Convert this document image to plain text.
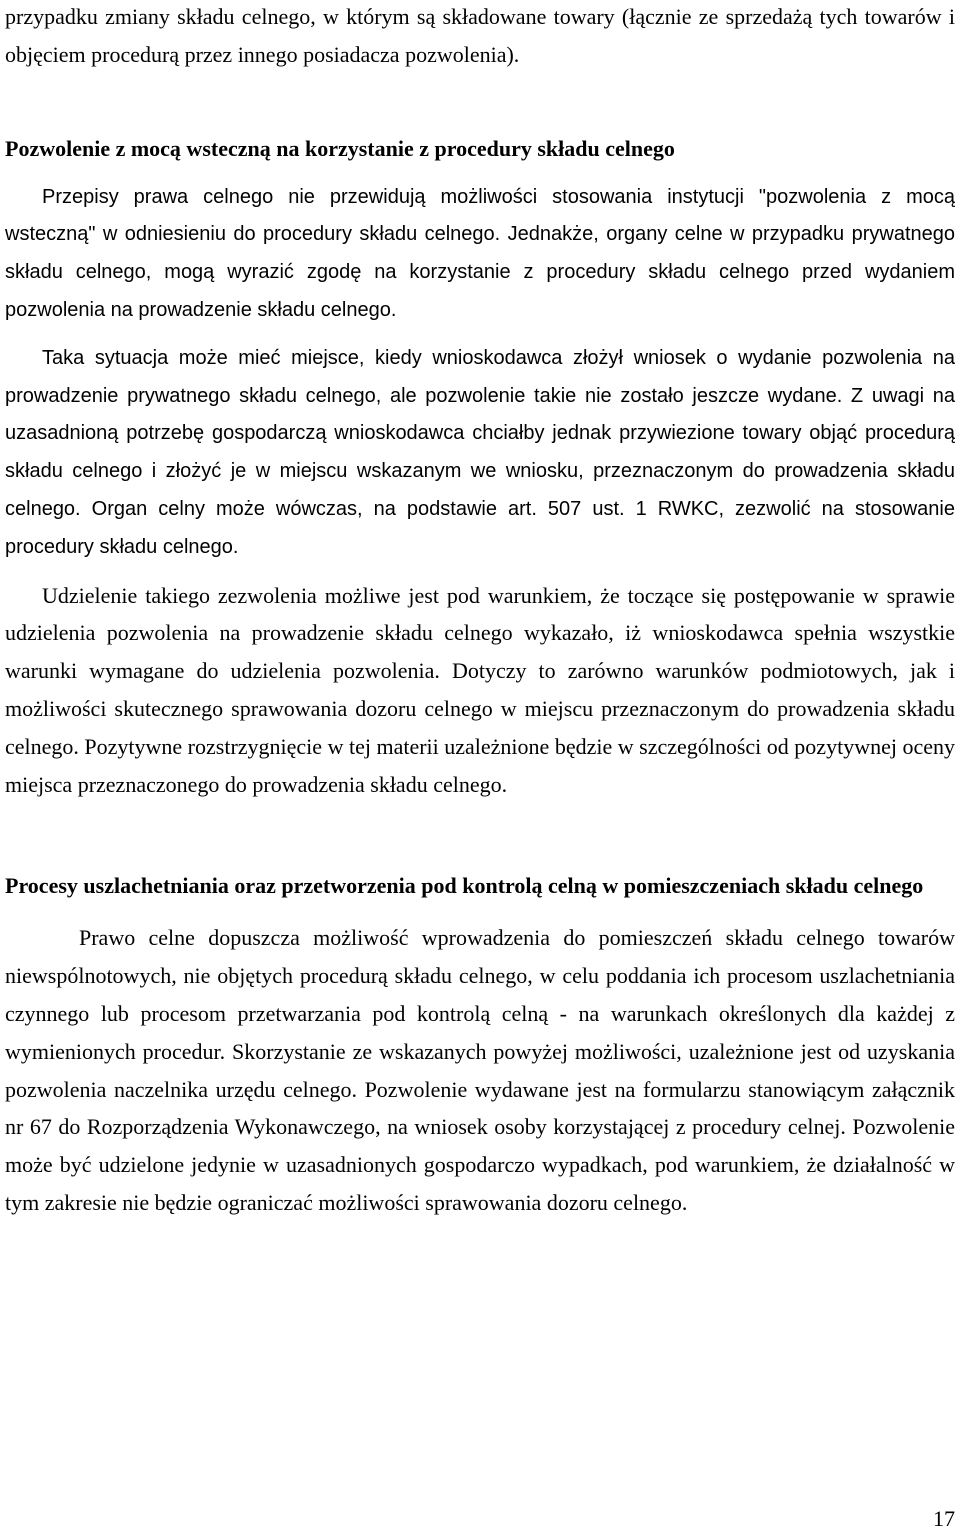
przypadku zmiany składu celnego, w którym są składowane towary (łącznie ze sprzedażą tych towarów i objęciem procedurą przez innego posiadacza pozwolenia).

Pozwolenie z mocą wsteczną na korzystanie z procedury składu celnego

Przepisy prawa celnego nie przewidują możliwości stosowania instytucji "pozwolenia z mocą wsteczną" w odniesieniu do procedury składu celnego. Jednakże, organy celne w przypadku prywatnego składu celnego, mogą wyrazić zgodę na korzystanie z procedury składu celnego przed wydaniem pozwolenia na prowadzenie składu celnego.

Taka sytuacja może mieć miejsce, kiedy wnioskodawca złożył wniosek o wydanie pozwolenia na prowadzenie prywatnego składu celnego, ale pozwolenie takie nie zostało jeszcze wydane. Z uwagi na uzasadnioną potrzebę gospodarczą wnioskodawca chciałby jednak przywiezione towary objąć procedurą składu celnego i złożyć je w miejscu wskazanym we wniosku, przeznaczonym do prowadzenia składu celnego. Organ celny może wówczas, na podstawie art. 507 ust. 1 RWKC, zezwolić na stosowanie procedury składu celnego.

Udzielenie takiego zezwolenia możliwe jest pod warunkiem, że toczące się postępowanie w sprawie udzielenia pozwolenia na prowadzenie składu celnego wykazało, iż wnioskodawca spełnia wszystkie warunki wymagane do udzielenia pozwolenia. Dotyczy to zarówno warunków podmiotowych, jak i możliwości skutecznego sprawowania dozoru celnego w miejscu przeznaczonym do prowadzenia składu celnego. Pozytywne rozstrzygnięcie w tej materii uzależnione będzie w szczególności od pozytywnej oceny miejsca przeznaczonego do prowadzenia składu celnego.

Procesy uszlachetniania oraz przetworzenia pod kontrolą celną w pomieszczeniach składu celnego

Prawo celne dopuszcza możliwość wprowadzenia do pomieszczeń składu celnego towarów niewspólnotowych, nie objętych procedurą składu celnego, w celu poddania ich procesom uszlachetniania czynnego lub procesom przetwarzania pod kontrolą celną - na warunkach określonych dla każdej z wymienionych procedur. Skorzystanie ze wskazanych powyżej możliwości, uzależnione jest od uzyskania pozwolenia naczelnika urzędu celnego. Pozwolenie wydawane jest na formularzu stanowiącym załącznik nr 67 do Rozporządzenia Wykonawczego, na wniosek osoby korzystającej z procedury celnej. Pozwolenie może być udzielone jedynie w uzasadnionych gospodarczo wypadkach, pod warunkiem, że działalność w tym zakresie nie będzie ograniczać możliwości sprawowania dozoru celnego.

17
